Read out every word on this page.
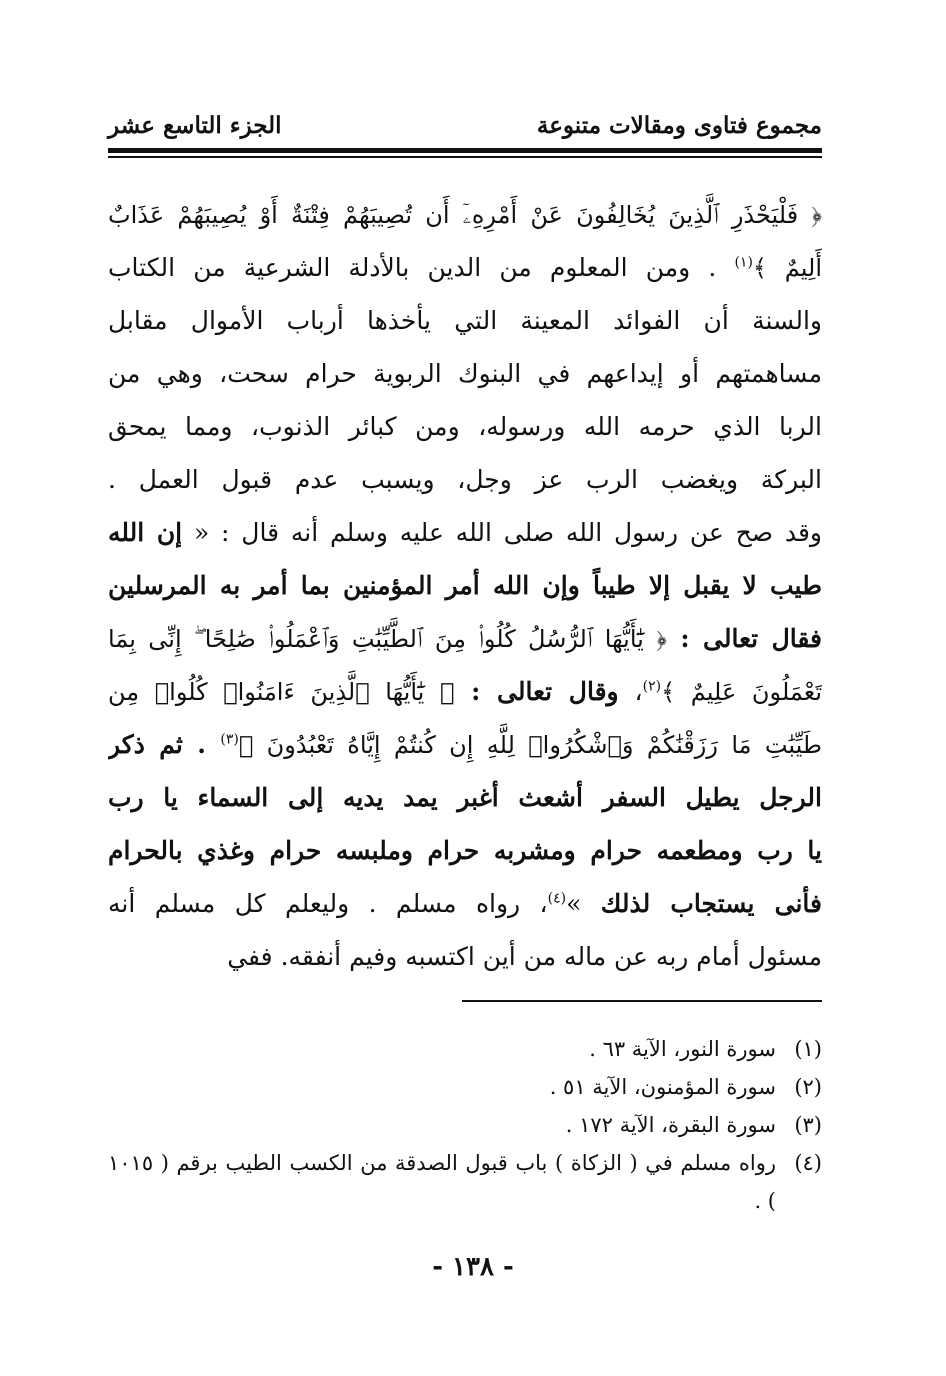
مجموع فتاوى ومقالات متنوعة
الجزء التاسع عشر
﴿ فَلْيَحْذَرِ ٱلَّذِينَ يُخَالِفُونَ عَنْ أَمْرِهِۦٓ أَن تُصِيبَهُمْ فِتْنَةٌ أَوْ يُصِيبَهُمْ عَذَابٌ
أَلِيمٌ ﴾$^{(١)}$ . ومن المعلوم من الدين بالأدلة الشرعية من الكتاب
والسنة أن الفوائد المعينة التي يأخذها أرباب الأموال مقابل
مساهمتهم أو إيداعهم في البنوك الربوية حرام سحت، وهي من
الربا الذي حرمه الله ورسوله، ومن كبائر الذنوب، ومما يمحق
البركة ويغضب الرب عز وجل، ويسبب عدم قبول العمل .
وقد صح عن رسول الله صلى الله عليه وسلم أنه قال : « إن الله
طيب لا يقبل إلا طيباً وإن الله أمر المؤمنين بما أمر به المرسلين
فقال تعالى : ﴿ يَٰٓأَيُّهَا ٱلرُّسُلُ كُلُوا۟ مِنَ ٱلطَّيِّبَٰتِ وَٱعْمَلُوا۟ صَٰلِحًا ۖ إِنِّى بِمَا
تَعْمَلُونَ عَلِيمٌ ﴾$^{(٢)}$، وقال تعالى : ﴿ يَٰٓأَيُّهَا ٱلَّذِينَ ءَامَنُوا۟ كُلُوا۟ مِن
طَيِّبَٰتِ مَا رَزَقْنَٰكُمْ وَٱشْكُرُوا۟ لِلَّهِ إِن كُنتُمْ إِيَّاهُ تَعْبُدُونَ ﴾$^{(٣)}$ . ثم ذكر
الرجل يطيل السفر أشعث أغبر يمد يديه إلى السماء يا رب
يا رب ومطعمه حرام ومشربه حرام وملبسه حرام وغذي بالحرام
فأنى يستجاب لذلك »$^{(٤)}$، رواه مسلم . وليعلم كل مسلم أنه
مسئول أمام ربه عن ماله من أين اكتسبه وفيم أنفقه. ففي
(١)
سورة النور، الآية ٦٣ .
(٢)
سورة المؤمنون، الآية ٥١ .
(٣)
سورة البقرة، الآية ١٧٢ .
(٤)
رواه مسلم في ( الزكاة ) باب قبول الصدقة من الكسب الطيب برقم ( ١٠١٥ ) .
- ١٣٨ -
